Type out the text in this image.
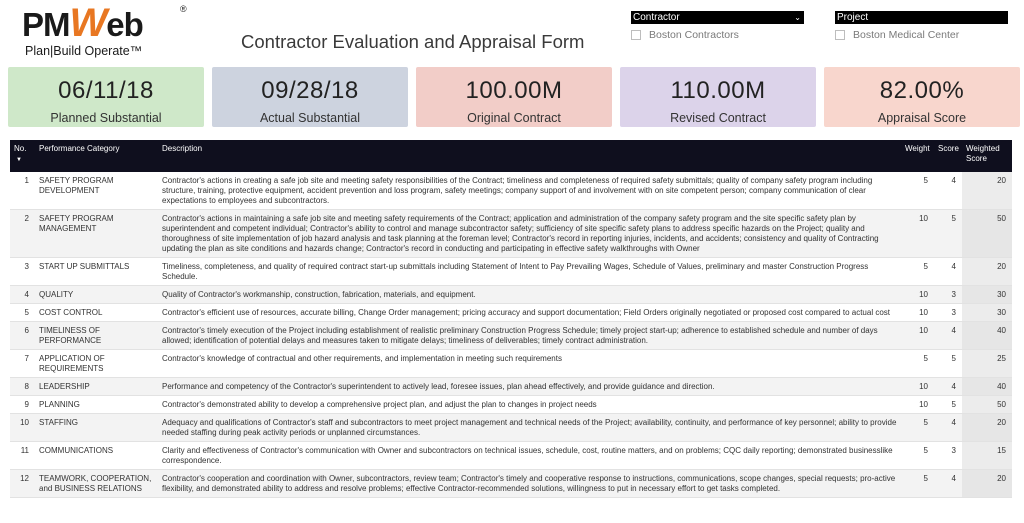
PMWeb	®
Plan|Build Operate™	Contractor Evaluation and Appraisal Form
Contractor	⌄
Boston Contractors
Project
Boston Medical Center
06/11/18
Planned Substantial
09/28/18
Actual Substantial
100.00M
Original Contract
110.00M
Revised Contract
82.00%
Appraisal Score
No.
▼	Performance Category	Description	Weight	Score	Weighted Score
1	SAFETY PROGRAM DEVELOPMENT	Contractor's actions in creating a safe job site and meeting safety responsibilities of the Contract; timeliness and completeness of required safety submittals; quality of company safety program including structure, training, protective equipment, accident prevention and loss program, safety meetings; company support of and involvement with on site competent person; company communication of clear expectations to employees and subcontractors.	5	4	20
2	SAFETY PROGRAM MANAGEMENT	Contractor's actions in maintaining a safe job site and meeting safety requirements of the Contract; application and administration of the company safety program and the site specific safety plan by superintendent and competent individual; Contractor's ability to control and manage subcontractor safety; sufficiency of site specific safety plans to address specific hazards on the Project; quality and thoroughness of site implementation of job hazard analysis and task planning at the foreman level; Contractor's record in reporting injuries, incidents, and accidents; consistency and quality of Contracting updating the plan as site conditions and hazards change; Contractor's record in conducting and participating in effective safety walkthroughs with Owner	10	5	50
3	START UP SUBMITTALS	Timeliness, completeness, and quality of required contract start-up submittals including Statement of Intent to Pay Prevailing Wages, Schedule of Values, preliminary and master Construction Progress Schedule.	5	4	20
4	QUALITY	Quality of Contractor's workmanship, construction, fabrication, materials, and equipment.	10	3	30
5	COST CONTROL	Contractor's efficient use of resources, accurate billing, Change Order management; pricing accuracy and support documentation; Field Orders originally negotiated or proposed cost compared to actual cost	10	3	30
6	TIMELINESS OF PERFORMANCE	Contractor's timely execution of the Project including establishment of realistic preliminary Construction Progress Schedule; timely project start-up; adherence to established schedule and number of days allowed; identification of potential delays and measures taken to mitigate delays; timeliness of deliverables; timely contract administration.	10	4	40
7	APPLICATION OF REQUIREMENTS	Contractor's knowledge of contractual and other requirements, and implementation in meeting such requirements	5	5	25
8	LEADERSHIP	Performance and competency of the Contractor's superintendent to actively lead, foresee issues, plan ahead effectively, and provide guidance and direction.	10	4	40
9	PLANNING	Contractor's demonstrated ability to develop a comprehensive project plan, and adjust the plan to changes in project needs	10	5	50
10	STAFFING	Adequacy and qualifications of Contractor's staff and subcontractors to meet project management and technical needs of the Project; availability, continuity, and performance of key personnel; ability to provide needed staffing during peak activity periods or unplanned circumstances.	5	4	20
11	COMMUNICATIONS	Clarity and effectiveness of Contractor's communication with Owner and subcontractors on technical issues, schedule, cost, routine matters, and on problems; CQC daily reporting; demonstrated businesslike correspondence.	5	3	15
12	TEAMWORK, COOPERATION, and BUSINESS RELATIONS	Contractor's cooperation and coordination with Owner, subcontractors, review team; Contractor's timely and cooperative response to instructions, communications, scope changes, special requests; pro-active flexibility, and demonstrated ability to address and resolve problems; effective Contractor-recommended solutions, willingness to put in necessary effort to get tasks completed.	5	4	20
